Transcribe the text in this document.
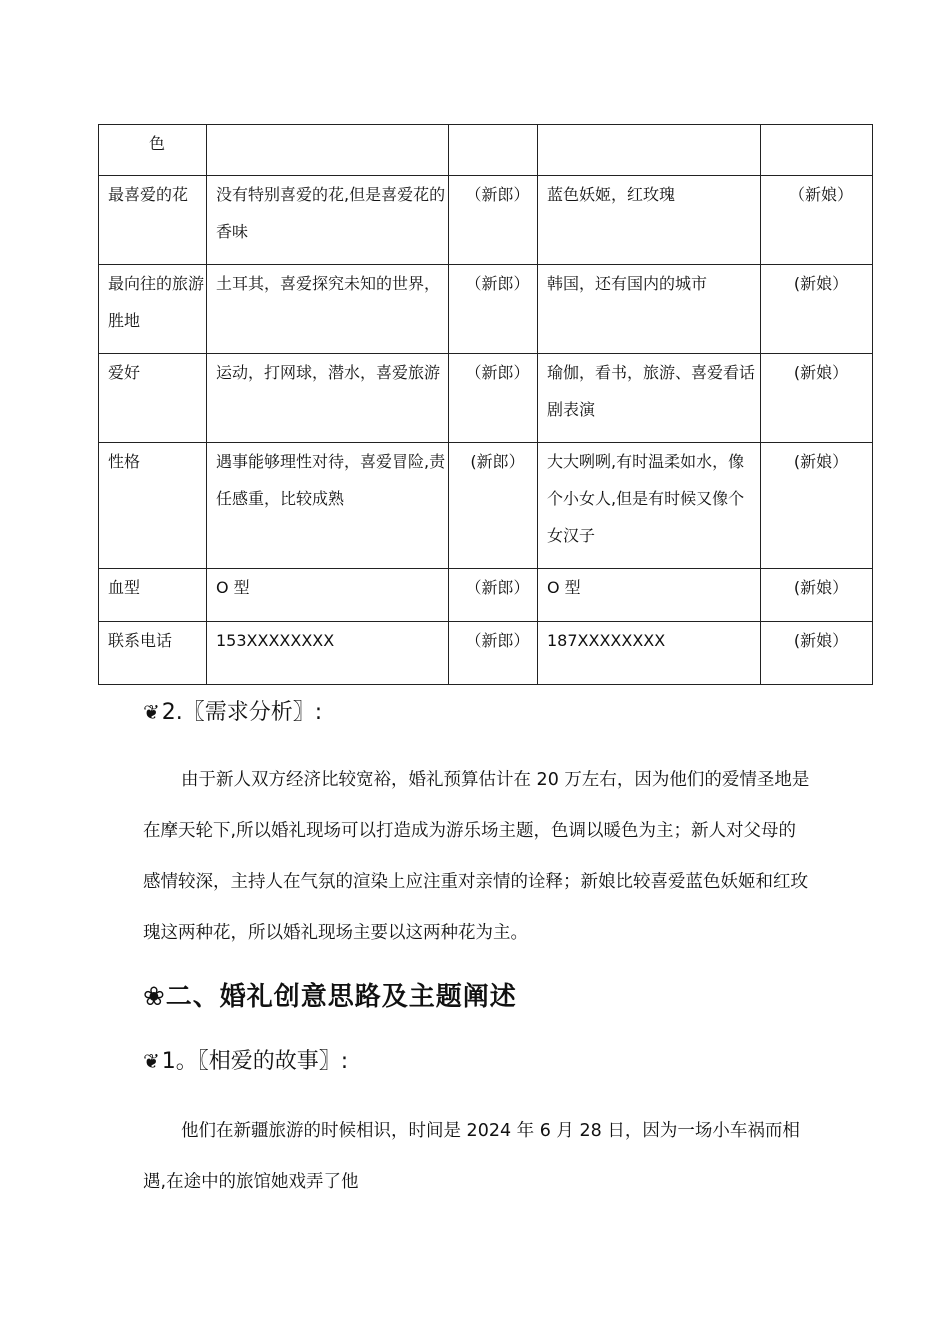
色				
最喜爱的花	没有特别喜爱的花,但是喜爱花的香味	（新郎）	蓝色妖姬，红玫瑰	（新娘）
最向往的旅游胜地	土耳其，喜爱探究未知的世界，	（新郎）	韩国，还有国内的城市	(新娘）
爱好	运动，打网球，潜水，喜爱旅游	（新郎）	瑜伽，看书，旅游、喜爱看话剧表演	(新娘）
性格	遇事能够理性对待，喜爱冒险,责任感重，比较成熟	(新郎）	大大咧咧,有时温柔如水，像个小女人,但是有时候又像个女汉子	(新娘）
血型	O 型	（新郎）	O 型	(新娘）
联系电话	153XXXXXXXX	（新郎）	187XXXXXXXX	(新娘）
❦2.〖需求分析〗:

由于新人双方经济比较宽裕，婚礼预算估计在 20 万左右，因为他们的爱情圣地是在摩天轮下,所以婚礼现场可以打造成为游乐场主题，色调以暖色为主；新人对父母的感情较深，主持人在气氛的渲染上应注重对亲情的诠释；新娘比较喜爱蓝色妖姬和红玫瑰这两种花，所以婚礼现场主要以这两种花为主。

❀二、婚礼创意思路及主题阐述
❦1。〖相爱的故事〗:

他们在新疆旅游的时候相识，时间是 2024 年 6 月 28 日，因为一场小车祸而相遇,在途中的旅馆她戏弄了他
